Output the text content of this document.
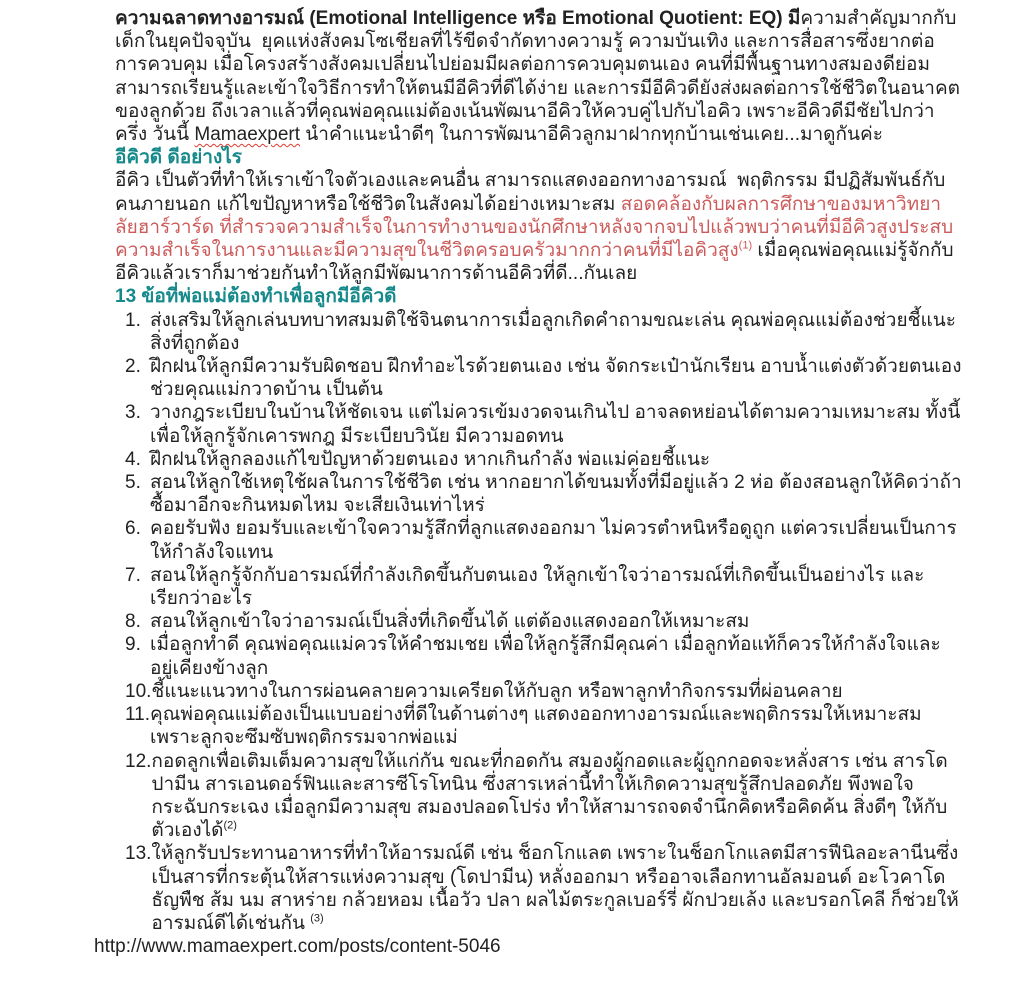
ความฉลาดทางอารมณ์ (Emotional Intelligence หรือ Emotional Quotient: EQ) มีความสำคัญมากกับเด็กในยุคปัจจุบัน  ยุคแห่งสังคมโซเชียลที่ไร้ขีดจำกัดทางความรู้ ความบันเทิง และการสื่อสารซึ่งยากต่อการควบคุม เมื่อโครงสร้างสังคมเปลี่ยนไปย่อมมีผลต่อการควบคุมตนเอง คนที่มีพื้นฐานทางสมองดีย่อมสามารถเรียนรู้และเข้าใจวิธีการทำให้ตนมีอีคิวที่ดีได้ง่าย และการมีอีคิวดียังส่งผลต่อการใช้ชีวิตในอนาคตของลูกด้วย ถึงเวลาแล้วที่คุณพ่อคุณแม่ต้องเน้นพัฒนาอีคิวให้ควบคู่ไปกับไอคิว เพราะอีคิวดีมีชัยไปกว่าครึ่ง วันนี้ Mamaexpert นำคำแนะนำดีๆ ในการพัฒนาอีคิวลูกมาฝากทุกบ้านเช่นเคย...มาดูกันค่ะ

อีคิวดี ดีอย่างไร

อีคิว เป็นตัวที่ทำให้เราเข้าใจตัวเองและคนอื่น สามารถแสดงออกทางอารมณ์  พฤติกรรม มีปฏิสัมพันธ์กับคนภายนอก แก้ไขปัญหาหรือใช้ชีวิตในสังคมได้อย่างเหมาะสม สอดคล้องกับผลการศึกษาของมหาวิทยาลัยฮาร์วาร์ด ที่สำรวจความสำเร็จในการทำงานของนักศึกษาหลังจากจบไปแล้วพบว่าคนที่มีอีคิวสูงประสบความสำเร็จในการงานและมีความสุขในชีวิตครอบครัวมากกว่าคนที่มีไอคิวสูง$^{(1)}$ เมื่อคุณพ่อคุณแม่รู้จักกับอีคิวแล้วเราก็มาช่วยกันทำให้ลูกมีพัฒนาการด้านอีคิวที่ดี...กันเลย

13 ข้อที่พ่อแม่ต้องทำเพื่อลูกมีอีคิวดี
1. ส่งเสริมให้ลูกเล่นบทบาทสมมติใช้จินตนาการเมื่อลูกเกิดคำถามขณะเล่น คุณพ่อคุณแม่ต้องช่วยชี้แนะสิ่งที่ถูกต้อง
2. ฝึกฝนให้ลูกมีความรับผิดชอบ ฝึกทำอะไรด้วยตนเอง เช่น จัดกระเป๋านักเรียน อาบน้ำแต่งตัวด้วยตนเอง ช่วยคุณแม่กวาดบ้าน เป็นต้น
3. วางกฎระเบียบในบ้านให้ชัดเจน แต่ไม่ควรเข้มงวดจนเกินไป อาจลดหย่อนได้ตามความเหมาะสม ทั้งนี้เพื่อให้ลูกรู้จักเคารพกฎ มีระเบียบวินัย มีความอดทน
4. ฝึกฝนให้ลูกลองแก้ไขปัญหาด้วยตนเอง หากเกินกำลัง พ่อแม่ค่อยชี้แนะ
5. สอนให้ลูกใช้เหตุใช้ผลในการใช้ชีวิต เช่น หากอยากได้ขนมทั้งที่มีอยู่แล้ว 2 ห่อ ต้องสอนลูกให้คิดว่าถ้าซื้อมาอีกจะกินหมดไหม จะเสียเงินเท่าไหร่
6. คอยรับฟัง ยอมรับและเข้าใจความรู้สึกที่ลูกแสดงออกมา ไม่ควรตำหนิหรือดูถูก แต่ควรเปลี่ยนเป็นการให้กำลังใจแทน
7. สอนให้ลูกรู้จักกับอารมณ์ที่กำลังเกิดขึ้นกับตนเอง ให้ลูกเข้าใจว่าอารมณ์ที่เกิดขึ้นเป็นอย่างไร และเรียกว่าอะไร
8. สอนให้ลูกเข้าใจว่าอารมณ์เป็นสิ่งที่เกิดขึ้นได้ แต่ต้องแสดงออกให้เหมาะสม
9. เมื่อลูกทำดี คุณพ่อคุณแม่ควรให้คำชมเชย เพื่อให้ลูกรู้สึกมีคุณค่า เมื่อลูกท้อแท้ก็ควรให้กำลังใจและอยู่เคียงข้างลูก
10. ชี้แนะแนวทางในการผ่อนคลายความเครียดให้กับลูก หรือพาลูกทำกิจกรรมที่ผ่อนคลาย
11. คุณพ่อคุณแม่ต้องเป็นแบบอย่างที่ดีในด้านต่างๆ แสดงออกทางอารมณ์และพฤติกรรมให้เหมาะสมเพราะลูกจะซึมซับพฤติกรรมจากพ่อแม่
12. กอดลูกเพื่อเติมเต็มความสุขให้แก่กัน ขณะที่กอดกัน สมองผู้กอดและผู้ถูกกอดจะหลั่งสาร เช่น สารโดปามีน สารเอนดอร์ฟินและสารซีโรโทนิน ซึ่งสารเหล่านี้ทำให้เกิดความสุขรู้สึกปลอดภัย พึงพอใจ กระฉับกระเฉง เมื่อลูกมีความสุข สมองปลอดโปร่ง ทำให้สามารถจดจำนึกคิดหรือคิดค้น สิ่งดีๆ ให้กับตัวเองได้$^{(2)}$
13. ให้ลูกรับประทานอาหารที่ทำให้อารมณ์ดี เช่น ช็อกโกแลต เพราะในช็อกโกแลตมีสารฟีนิลอะลานีนซึ่งเป็นสารที่กระตุ้นให้สารแห่งความสุข (โดปามีน) หลั่งออกมา หรืออาจเลือกทานอัลมอนด์ อะโวคาโด ธัญพืช ส้ม นม สาหร่าย กล้วยหอม เนื้อวัว ปลา ผลไม้ตระกูลเบอร์รี่ ผักปวยเล้ง และบรอกโคลี ก็ช่วยให้อารมณ์ดีได้เช่นกัน $^{(3)}$

http://www.mamaexpert.com/posts/content-5046
